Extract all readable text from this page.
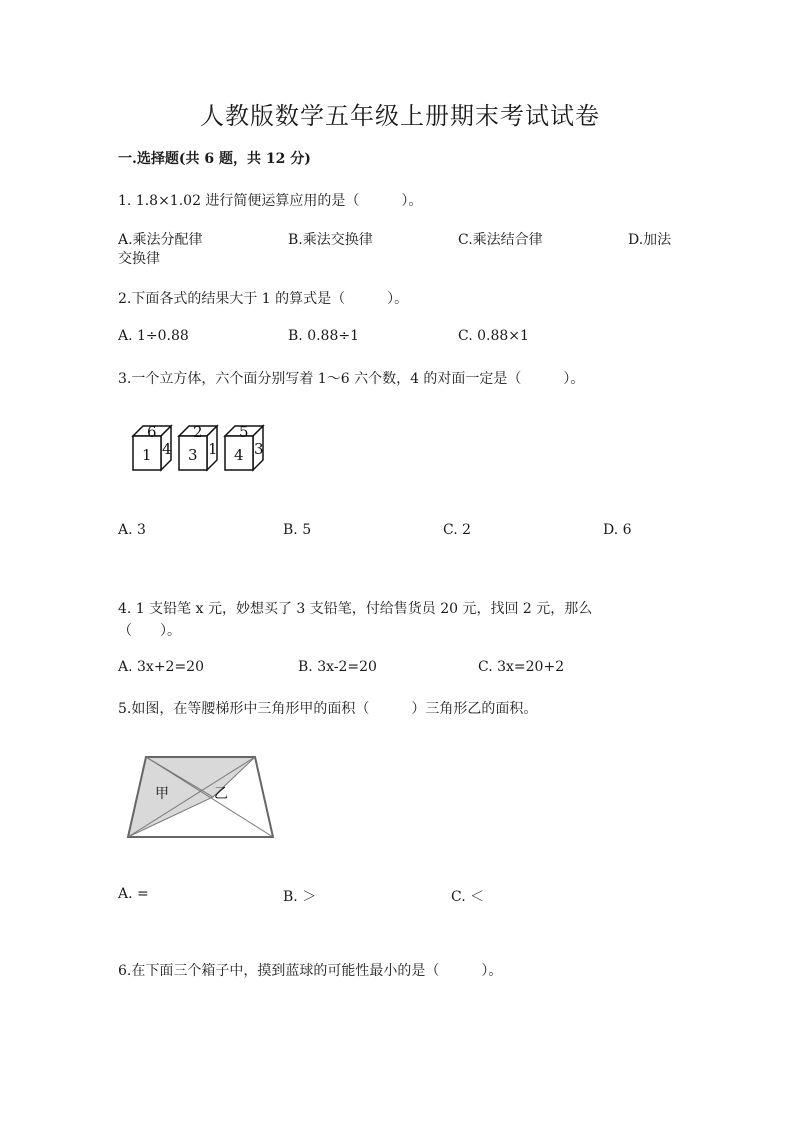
人教版数学五年级上册期末考试试卷
一.选择题(共 6 题，共 12 分)
1. 1.8×1.02 进行简便运算应用的是（　　　）。
A.乘法分配律	B.乘法交换律	C.乘法结合律	D.加法
交换律
2.下面各式的结果大于 1 的算式是（　　　）。
A. 1÷0.88	B. 0.88÷1	C. 0.88×1
3.一个立方体，六个面分别写着 1～6 六个数，4 的对面一定是（　　　）。
6
1 4
2
3 1
5
4 3
A. 3	B. 5	C. 2	D. 6
4. 1 支铅笔 x 元，妙想买了 3 支铅笔，付给售货员 20 元，找回 2 元，那么
（　　）。
A. 3x+2=20	B. 3x-2=20	C. 3x=20+2
5.如图，在等腰梯形中三角形甲的面积（　　　）三角形乙的面积。
甲	乙
A. =	B. ＞	C. ＜
6.在下面三个箱子中，摸到蓝球的可能性最小的是（　　　）。
